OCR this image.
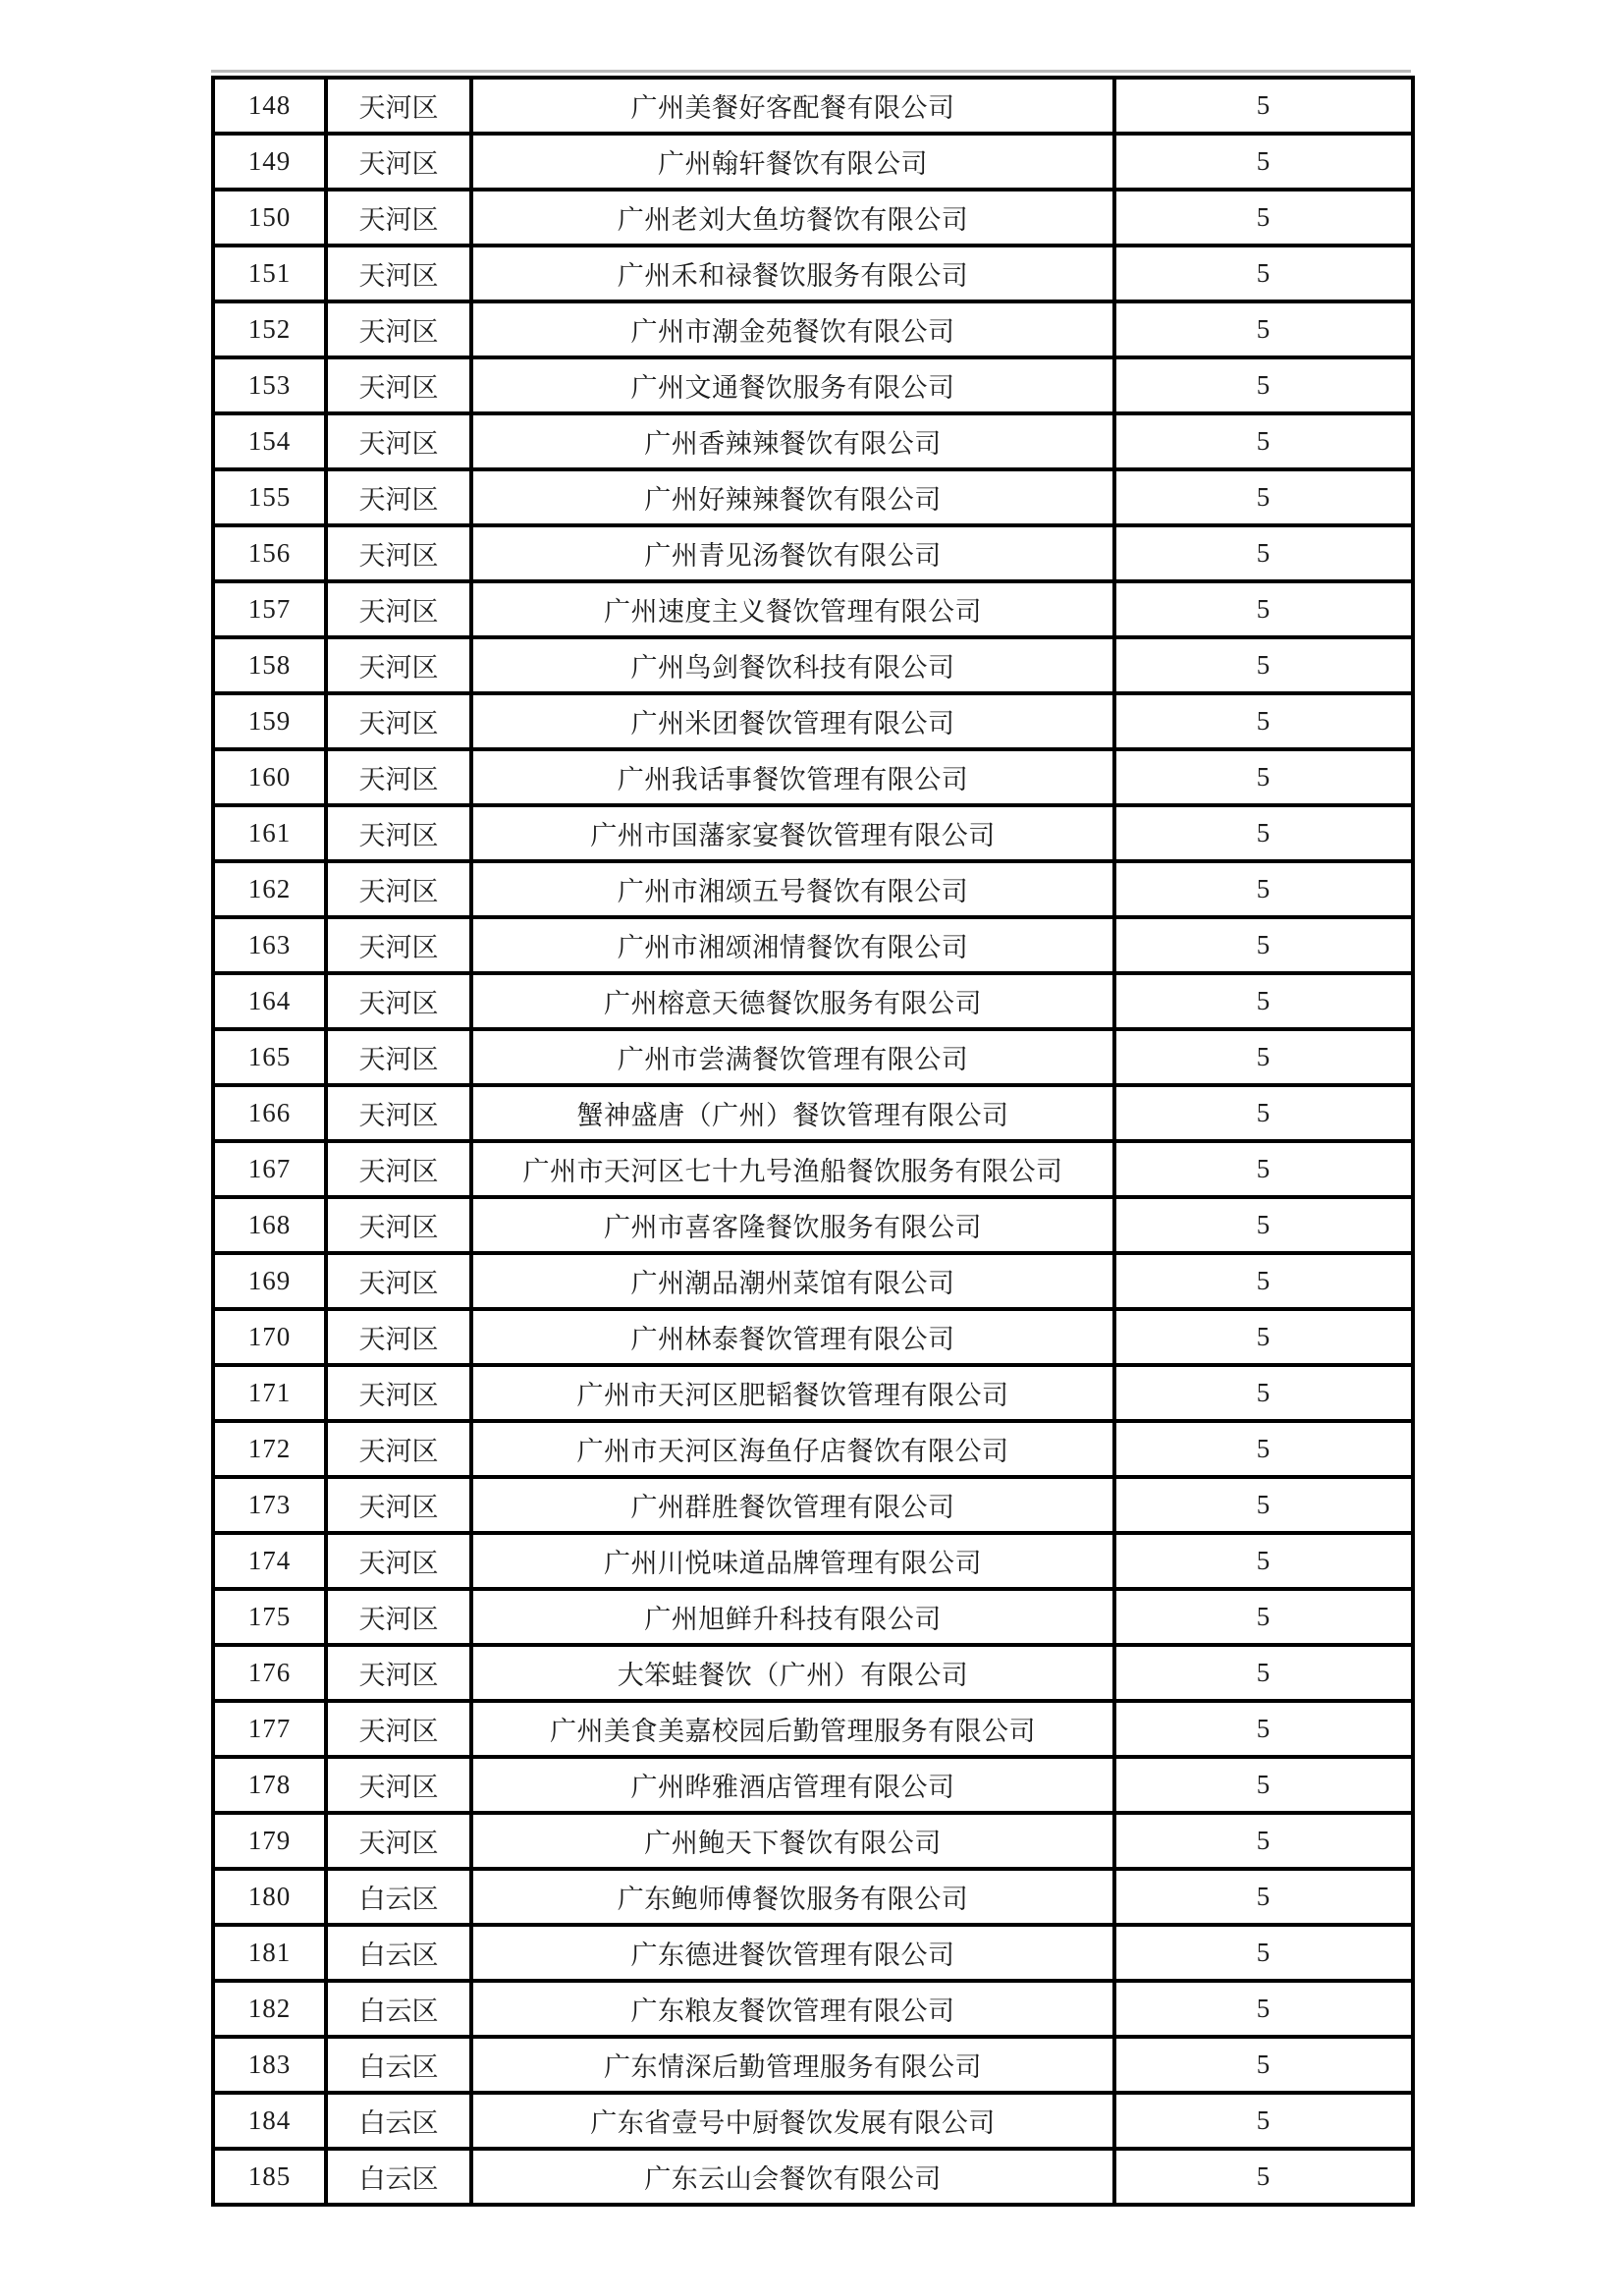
148	天河区	广州美餐好客配餐有限公司	5
149	天河区	广州翰轩餐饮有限公司	5
150	天河区	广州老刘大鱼坊餐饮有限公司	5
151	天河区	广州禾和禄餐饮服务有限公司	5
152	天河区	广州市潮金苑餐饮有限公司	5
153	天河区	广州文通餐饮服务有限公司	5
154	天河区	广州香辣辣餐饮有限公司	5
155	天河区	广州好辣辣餐饮有限公司	5
156	天河区	广州青见汤餐饮有限公司	5
157	天河区	广州速度主义餐饮管理有限公司	5
158	天河区	广州鸟剑餐饮科技有限公司	5
159	天河区	广州米团餐饮管理有限公司	5
160	天河区	广州我话事餐饮管理有限公司	5
161	天河区	广州市国藩家宴餐饮管理有限公司	5
162	天河区	广州市湘颂五号餐饮有限公司	5
163	天河区	广州市湘颂湘情餐饮有限公司	5
164	天河区	广州榕意天德餐饮服务有限公司	5
165	天河区	广州市尝满餐饮管理有限公司	5
166	天河区	蟹神盛唐（广州）餐饮管理有限公司	5
167	天河区	广州市天河区七十九号渔船餐饮服务有限公司	5
168	天河区	广州市喜客隆餐饮服务有限公司	5
169	天河区	广州潮品潮州菜馆有限公司	5
170	天河区	广州林泰餐饮管理有限公司	5
171	天河区	广州市天河区肥韬餐饮管理有限公司	5
172	天河区	广州市天河区海鱼仔店餐饮有限公司	5
173	天河区	广州群胜餐饮管理有限公司	5
174	天河区	广州川悦味道品牌管理有限公司	5
175	天河区	广州旭鲜升科技有限公司	5
176	天河区	大笨蛙餐饮（广州）有限公司	5
177	天河区	广州美食美嘉校园后勤管理服务有限公司	5
178	天河区	广州晔雅酒店管理有限公司	5
179	天河区	广州鲍天下餐饮有限公司	5
180	白云区	广东鲍师傅餐饮服务有限公司	5
181	白云区	广东德进餐饮管理有限公司	5
182	白云区	广东粮友餐饮管理有限公司	5
183	白云区	广东情深后勤管理服务有限公司	5
184	白云区	广东省壹号中厨餐饮发展有限公司	5
185	白云区	广东云山会餐饮有限公司	5
